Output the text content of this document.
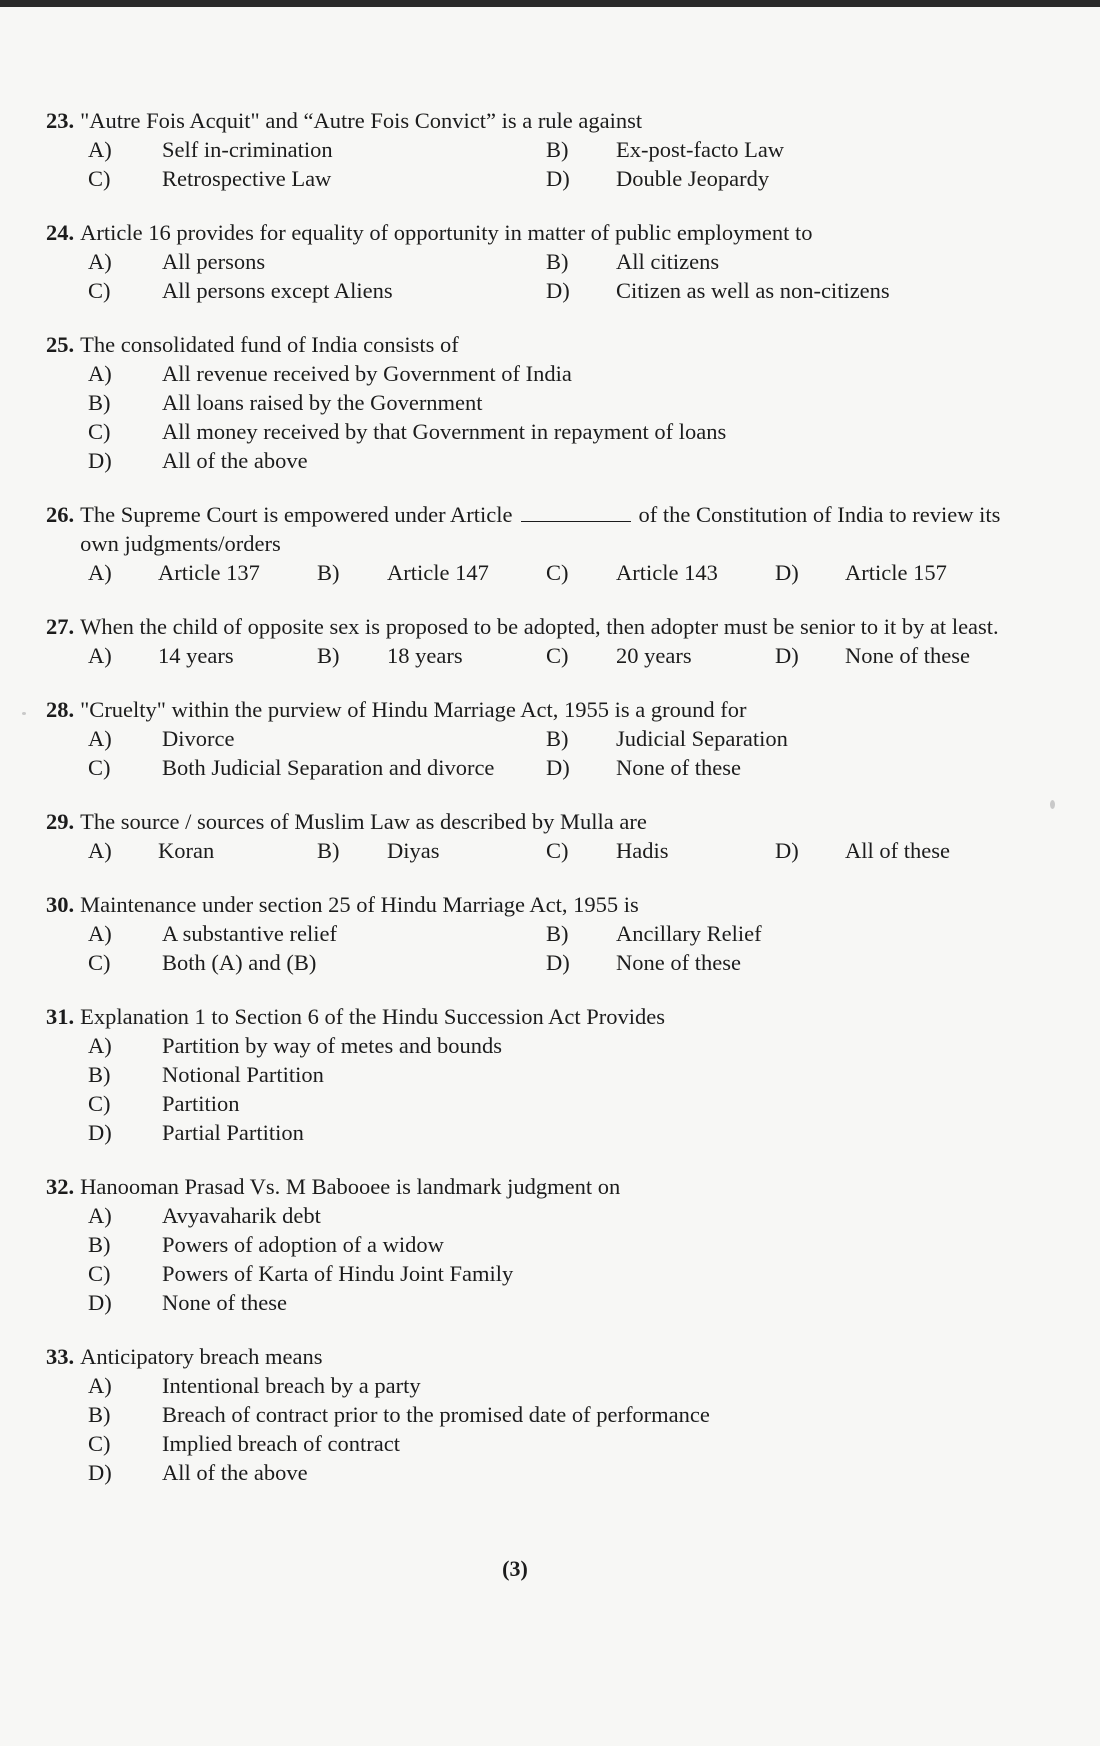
23. "Autre Fois Acquit" and “Autre Fois Convict” is a rule against
A)	Self in-crimination	B)	Ex-post-facto Law
C)	Retrospective Law	D)	Double Jeopardy
24. Article 16 provides for equality of opportunity in matter of public employment to
A)	All persons	B)	All citizens
C)	All persons except Aliens	D)	Citizen as well as non-citizens
25. The consolidated fund of India consists of
A)	All revenue received by Government of India
B)	All loans raised by the Government
C)	All money received by that Government in repayment of loans
D)	All of the above
26. The Supreme Court is empowered under Article	of the Constitution of India to review its own judgments/orders
A)	Article 137	B)	Article 147	C)	Article 143	D)	Article 157
27. When the child of opposite sex is proposed to be adopted, then adopter must be senior to it by at least.
A)	14 years	B)	18 years	C)	20 years	D)	None of these
28. "Cruelty" within the purview of Hindu Marriage Act, 1955 is a ground for
A)	Divorce	B)	Judicial Separation
C)	Both Judicial Separation and divorce D)	None of these
29. The source / sources of Muslim Law as described by Mulla are
A)	Koran	B)	Diyas	C)	Hadis	D)	All of these
30. Maintenance under section 25 of Hindu Marriage Act, 1955 is
A)	A substantive relief	B)	Ancillary Relief
C)	Both (A) and (B)	D)	None of these
31. Explanation 1 to Section 6 of the Hindu Succession Act Provides
A)	Partition by way of metes and bounds
B)	Notional Partition
C)	Partition
D)	Partial Partition
32. Hanooman Prasad Vs. M Babooee is landmark judgment on
A)	Avyavaharik debt
B)	Powers of adoption of a widow
C)	Powers of Karta of Hindu Joint Family
D)	None of these
33. Anticipatory breach means
A)	Intentional breach by a party
B)	Breach of contract prior to the promised date of performance
C)	Implied breach of contract
D)	All of the above
(3)
